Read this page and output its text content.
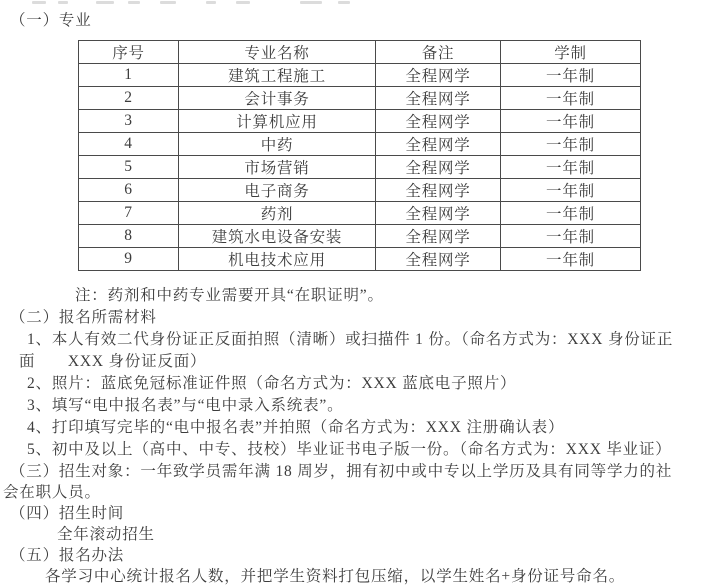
（一）专业
序号	专业名称	备注	学制
1	建筑工程施工	全程网学	一年制
2	会计事务	全程网学	一年制
3	计算机应用	全程网学	一年制
4	中药	全程网学	一年制
5	市场营销	全程网学	一年制
6	电子商务	全程网学	一年制
7	药剂	全程网学	一年制
8	建筑水电设备安装	全程网学	一年制
9	机电技术应用	全程网学	一年制
注：药剂和中药专业需要开具“在职证明”。
（二）报名所需材料
1、本人有效二代身份证正反面拍照（清晰）或扫描件 1 份。（命名方式为：XXX 身份证正
面　　XXX 身份证反面）
2、照片：蓝底免冠标准证件照（命名方式为：XXX 蓝底电子照片）
3、填写“电中报名表”与“电中录入系统表”。
4、打印填写完毕的“电中报名表”并拍照（命名方式为：XXX 注册确认表）
5、初中及以上（高中、中专、技校）毕业证书电子版一份。（命名方式为：XXX 毕业证）
（三）招生对象：一年致学员需年满 18 周岁，拥有初中或中专以上学历及具有同等学力的社
会在职人员。
（四）招生时间
全年滚动招生
（五）报名办法
各学习中心统计报名人数，并把学生资料打包压缩，以学生姓名+身份证号命名。
